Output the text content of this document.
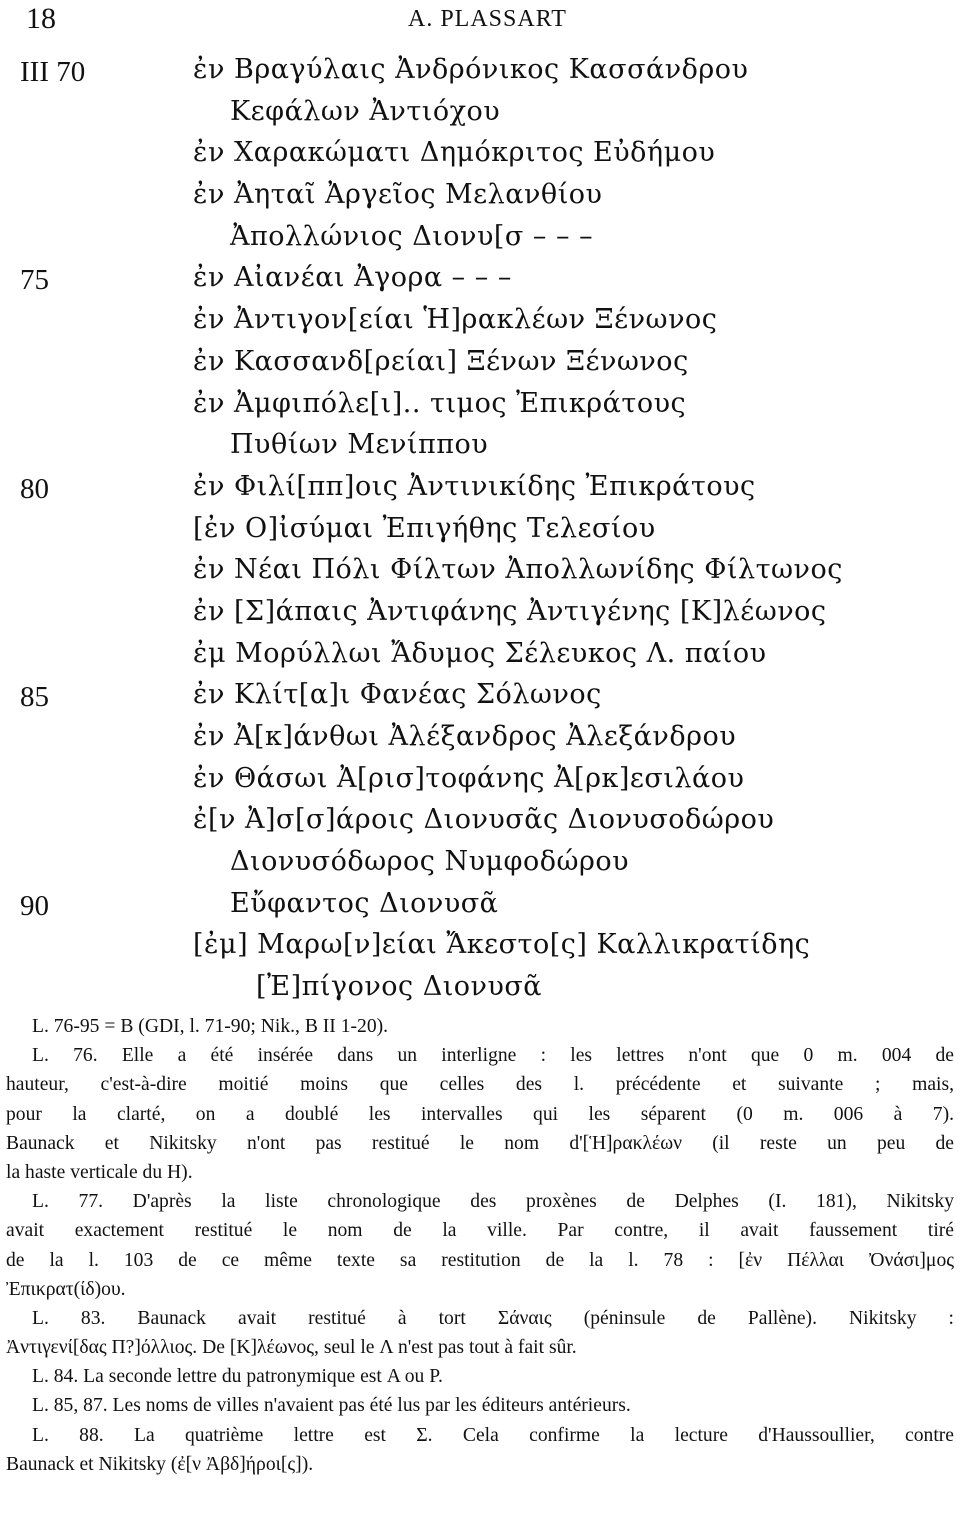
18	A. PLASSART
III 70	ἐν Βραγύλαις Ἀνδρόνικος Κασσάνδρου
Κεφάλων Ἀντιόχου
ἐν Χαρακώματι Δημόκριτος Εὐδήμου
ἐν Ἀηταῖ Ἀργεῖος Μελανθίου
Ἀπολλώνιος Διονυ[σ – – –
75	ἐν Αἰανέαι Ἀγορα – – –
ἐν Ἀντιγον[είαι Ἡ]ρακλέων Ξένωνος
ἐν Κασσανδ[ρείαι] Ξένων Ξένωνος
ἐν Ἀμφιπόλε[ι].. τιμος Ἐπικράτους
Πυθίων Μενίππου
80	ἐν Φιλί[ππ]οις Ἀντινικίδης Ἐπικράτους
[ἐν Ο]ἰσύμαι Ἐπιγήθης Τελεσίου
ἐν Νέαι Πόλι Φίλτων Ἀπολλωνίδης Φίλτωνος
ἐν [Σ]άπαις Ἀντιφάνης Ἀντιγένης [Κ]λέωνος
ἐμ Μορύλλωι Ἄδυμος Σέλευκος Λ. παίου
85	ἐν Κλίτ[α]ι Φανέας Σόλωνος
ἐν Ἀ[κ]άνθωι Ἀλέξανδρος Ἀλεξάνδρου
ἐν Θάσωι Ἀ[ρισ]τοφάνης Ἀ[ρκ]εσιλάου
ἐ[ν Ἀ]σ[σ]άροις Διονυσᾶς Διονυσοδώρου
Διονυσόδωρος Νυμφοδώρου
90	Εὔφαντος Διονυσᾶ
[ἐμ] Μαρω[ν]είαι Ἄκεστο[ς] Καλλικρατίδης
[Ἐ]πίγονος Διονυσᾶ
L. 76-95 = B (GDI, l. 71-90; Nik., B II 1-20).
L. 76. Elle a été insérée dans un interligne : les lettres n'ont que 0 m. 004 de
hauteur, c'est-à-dire moitié moins que celles des l. précédente et suivante ; mais,
pour la clarté, on a doublé les intervalles qui les séparent (0 m. 006 à 7).
Baunack et Nikitsky n'ont pas restitué le nom d'[Ἡ]ρακλέων (il reste un peu de
la haste verticale du H).
L. 77. D'après la liste chronologique des proxènes de Delphes (I. 181), Nikitsky
avait exactement restitué le nom de la ville. Par contre, il avait faussement tiré
de la l. 103 de ce même texte sa restitution de la l. 78 : [ἐν Πέλλαι Ὀνάσι]μος
Ἐπικρατ(ίδ)ου.
L. 83. Baunack avait restitué à tort Σάναις (péninsule de Pallène). Nikitsky :
Ἀντιγενί[δας Π?]όλλιος. De [Κ]λέωνος, seul le Λ n'est pas tout à fait sûr.
L. 84. La seconde lettre du patronymique est Α ou Ρ.
L. 85, 87. Les noms de villes n'avaient pas été lus par les éditeurs antérieurs.
L. 88. La quatrième lettre est Σ. Cela confirme la lecture d'Haussoullier, contre
Baunack et Nikitsky (ἐ[ν Ἀβδ]ήροι[ς]).
